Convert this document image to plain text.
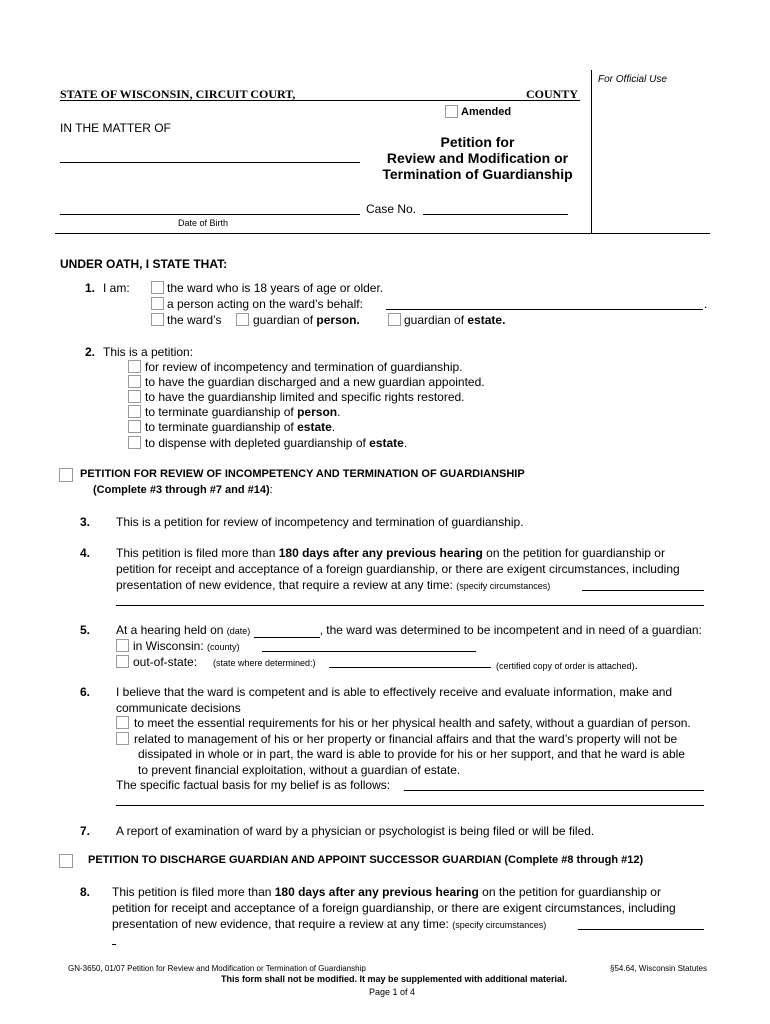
For Official Use
STATE OF WISCONSIN, CIRCUIT COURT,	COUNTY
Amended
IN THE MATTER OF
Petition for
Review and Modification or
Termination of Guardianship
Date of Birth
Case No.
UNDER OATH, I STATE THAT:
1. I am:	the ward who is 18 years of age or older.
a person acting on the ward’s behalf:	.
the ward’s	guardian of person.	guardian of estate.
2. This is a petition:
for review of incompetency and termination of guardianship.
to have the guardian discharged and a new guardian appointed.
to have the guardianship limited and specific rights restored.
to terminate guardianship of person.
to terminate guardianship of estate.
to dispense with depleted guardianship of estate.
PETITION FOR REVIEW OF INCOMPETENCY AND TERMINATION OF GUARDIANSHIP
(Complete #3 through #7 and #14):
3. This is a petition for review of incompetency and termination of guardianship.
4. This petition is filed more than 180 days after any previous hearing on the petition for guardianship or
petition for receipt and acceptance of a foreign guardianship, or there are exigent circumstances, including
presentation of new evidence, that require a review at any time: (specify circumstances)
5. At a hearing held on (date)	, the ward was determined to be incompetent and in need of a guardian:
in Wisconsin: (county)
out-of-state: (state where determined:)	(certified copy of order is attached).
6. I believe that the ward is competent and is able to effectively receive and evaluate information, make and
communicate decisions
to meet the essential requirements for his or her physical health and safety, without a guardian of person.
related to management of his or her property or financial affairs and that the ward’s property will not be
dissipated in whole or in part, the ward is able to provide for his or her support, and that he ward is able
to prevent financial exploitation, without a guardian of estate.
The specific factual basis for my belief is as follows:
7. A report of examination of ward by a physician or psychologist is being filed or will be filed.
PETITION TO DISCHARGE GUARDIAN AND APPOINT SUCCESSOR GUARDIAN (Complete #8 through #12)
8. This petition is filed more than 180 days after any previous hearing on the petition for guardianship or
petition for receipt and acceptance of a foreign guardianship, or there are exigent circumstances, including
presentation of new evidence, that require a review at any time: (specify circumstances)
GN-3650, 01/07 Petition for Review and Modification or Termination of Guardianship	§54.64, Wisconsin Statutes
This form shall not be modified. It may be supplemented with additional material.
Page 1 of 4
